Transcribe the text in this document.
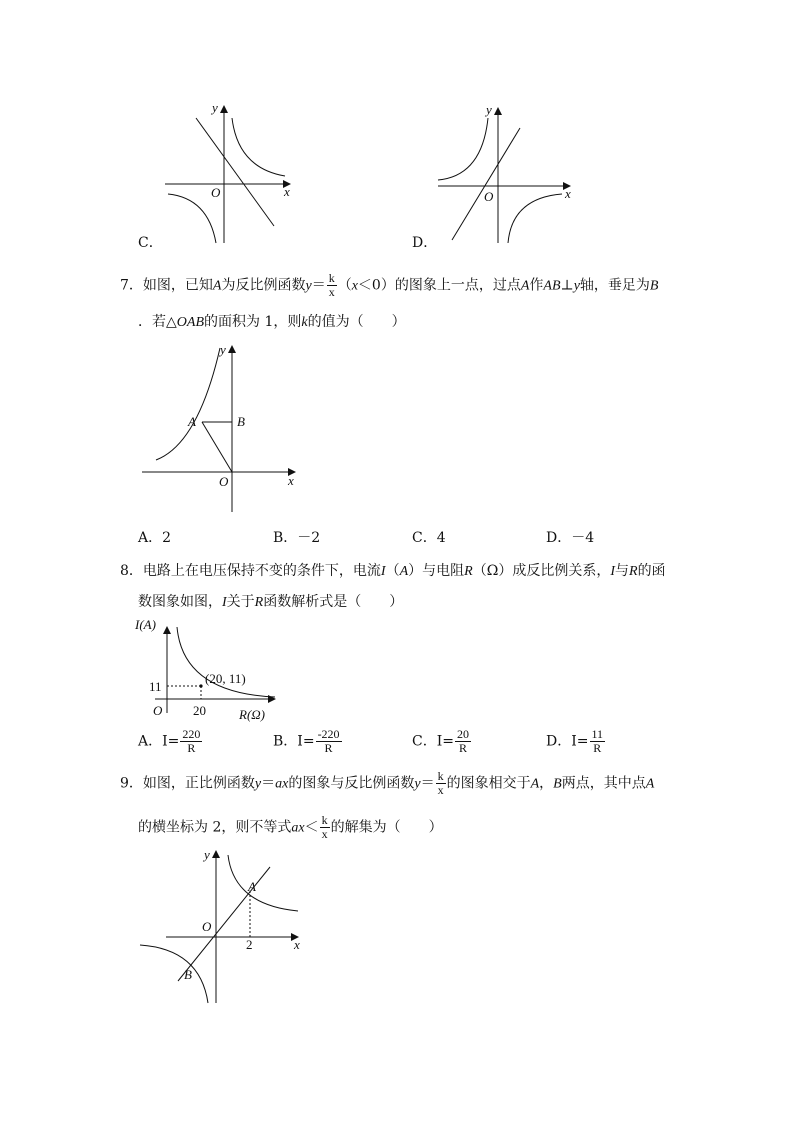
y
x
O
C．
y
x
O
D．
7．如图，已知A为反比例函数$y= \frac{k}{x} (x<0)$的图象上一点，过点A作AB⊥y轴，垂足为B
．若△OAB的面积为 1，则k的值为（　　）
y
x
A	B
O
A．2	B．－2	C．4	D．－4
8．电路上在电压保持不变的条件下，电流I（A）与电阻R（Ω）成反比例关系，I与R的函
数图象如图，I关于R函数解析式是（　　）
I(A)
R(Ω)
O
11
20
(20, 11)
A．$I= \frac{220}{R}$	B．$I= \frac{-220}{R}$	C．$I= \frac{20}{R}$	D．$I= \frac{11}{R}$
9．如图，正比例函数y＝ax的图象与反比例函数$y= \frac{k}{x}$ 的图象相交于A，B两点，其中点A
的横坐标为 2，则不等式$ax< \frac{k}{x}$ 的解集为（　　）
y
x
O
A
B
2
